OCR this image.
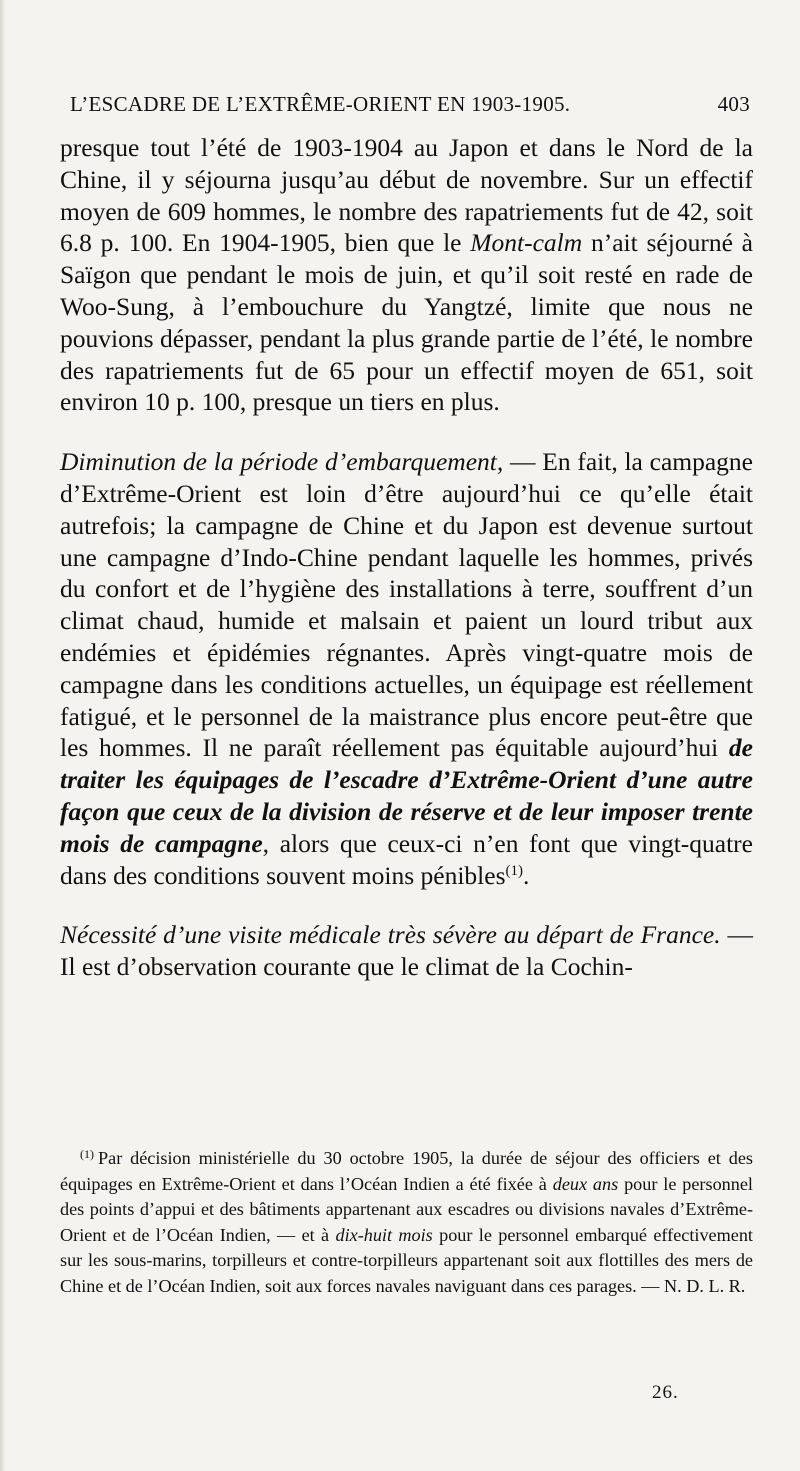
L’ESCADRE DE L’EXTRÊME-ORIENT EN 1903-1905.	403

presque tout l’été de 1903-1904 au Japon et dans le Nord de la Chine, il y séjourna jusqu’au début de novembre. Sur un effectif moyen de 609 hommes, le nombre des rapatriements fut de 42, soit 6.8 p. 100. En 1904-1905, bien que le Mont-calm n’ait séjourné à Saïgon que pendant le mois de juin, et qu’il soit resté en rade de Woo-Sung, à l’embouchure du Yangtzé, limite que nous ne pouvions dépasser, pendant la plus grande partie de l’été, le nombre des rapatriements fut de 65 pour un effectif moyen de 651, soit environ 10 p. 100, presque un tiers en plus.

Diminution de la période d’embarquement, — En fait, la campagne d’Extrême-Orient est loin d’être aujourd’hui ce qu’elle était autrefois; la campagne de Chine et du Japon est devenue surtout une campagne d’Indo-Chine pendant laquelle les hommes, privés du confort et de l’hygiène des installations à terre, souffrent d’un climat chaud, humide et malsain et paient un lourd tribut aux endémies et épidémies régnantes. Après vingt-quatre mois de campagne dans les conditions actuelles, un équipage est réellement fatigué, et le personnel de la maistrance plus encore peut-être que les hommes. Il ne paraît réellement pas équitable aujourd’hui de traiter les équipages de l’escadre d’Extrême-Orient d’une autre façon que ceux de la division de réserve et de leur imposer trente mois de campagne, alors que ceux-ci n’en font que vingt-quatre dans des conditions souvent moins pénibles$^{(1)}$.

Nécessité d’une visite médicale très sévère au départ de France. — Il est d’observation courante que le climat de la Cochin-

$^{(1)}$ Par décision ministérielle du 30 octobre 1905, la durée de séjour des officiers et des équipages en Extrême-Orient et dans l’Océan Indien a été fixée à deux ans pour le personnel des points d’appui et des bâtiments appartenant aux escadres ou divisions navales d’Extrême-Orient et de l’Océan Indien, — et à dix-huit mois pour le personnel embarqué effectivement sur les sous-marins, torpilleurs et contre-torpilleurs appartenant soit aux flottilles des mers de Chine et de l’Océan Indien, soit aux forces navales naviguant dans ces parages. — N. D. L. R.

26.
